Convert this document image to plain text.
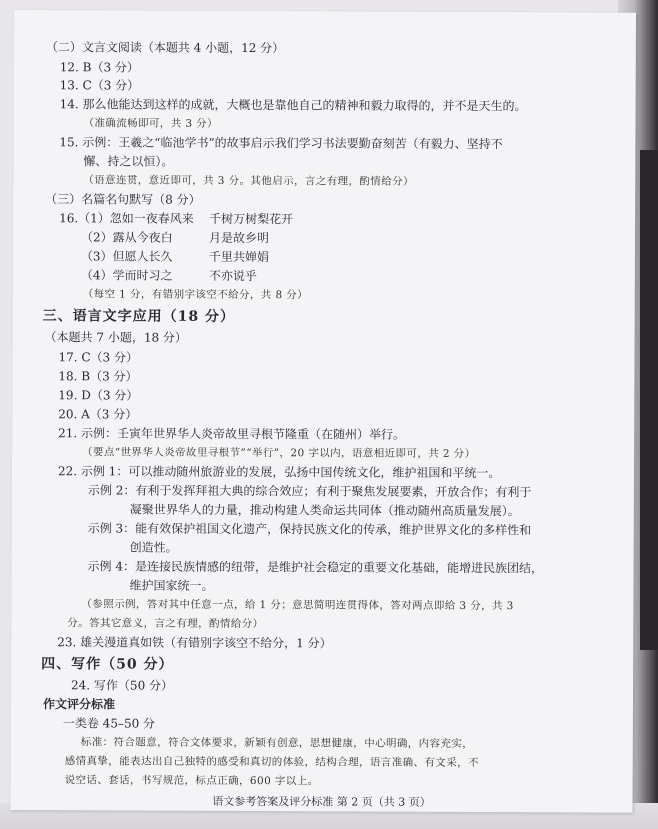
（二）文言文阅读（本题共 4 小题，12 分）
12. B（3 分）
13. C（3 分）
14. 那么他能达到这样的成就，大概也是靠他自己的精神和毅力取得的，并不是天生的。
（准确流畅即可，共 3 分）
15. 示例：王羲之“临池学书”的故事启示我们学习书法要勤奋刻苦（有毅力、坚持不
懈、持之以恒）。
（语意连贯，意近即可，共 3 分。其他启示，言之有理，酌情给分）
（三）名篇名句默写（8 分）
16.（1）忽如一夜春风来 千树万树梨花开
（2）露从今夜白	月是故乡明
（3）但愿人长久	千里共婵娟
（4）学而时习之	不亦说乎
（每空 1 分，有错别字该空不给分，共 8 分）
三、语言文字应用（18 分）
（本题共 7 小题，18 分）
17. C（3 分）
18. B（3 分）
19. D（3 分）
20. A（3 分）
21. 示例：壬寅年世界华人炎帝故里寻根节隆重（在随州）举行。
（要点“世界华人炎帝故里寻根节”“举行”，20 字以内，语意相近即可，共 2 分）
22. 示例 1：可以推动随州旅游业的发展，弘扬中国传统文化，维护祖国和平统一。
示例 2：有利于发挥拜祖大典的综合效应；有利于聚焦发展要素，开放合作；有利于
凝聚世界华人的力量，推动构建人类命运共同体（推动随州高质量发展）。
示例 3：能有效保护祖国文化遗产，保持民族文化的传承，维护世界文化的多样性和
创造性。
示例 4：是连接民族情感的纽带，是维护社会稳定的重要文化基础，能增进民族团结，
维护国家统一。
（参照示例，答对其中任意一点，给 1 分；意思简明连贯得体，答对两点即给 3 分，共 3
分。答其它意义，言之有理，酌情给分）
23. 雄关漫道真如铁（有错别字该空不给分，1 分）
四、写作（50 分）
24. 写作（50 分）
作文评分标准
一类卷 45–50 分
标准：符合题意，符合文体要求，新颖有创意，思想健康，中心明确，内容充实，
感情真挚，能表达出自己独特的感受和真切的体验，结构合理，语言准确、有文采，不
说空话、套话，书写规范，标点正确，600 字以上。
语文参考答案及评分标准 第 2 页（共 3 页）
